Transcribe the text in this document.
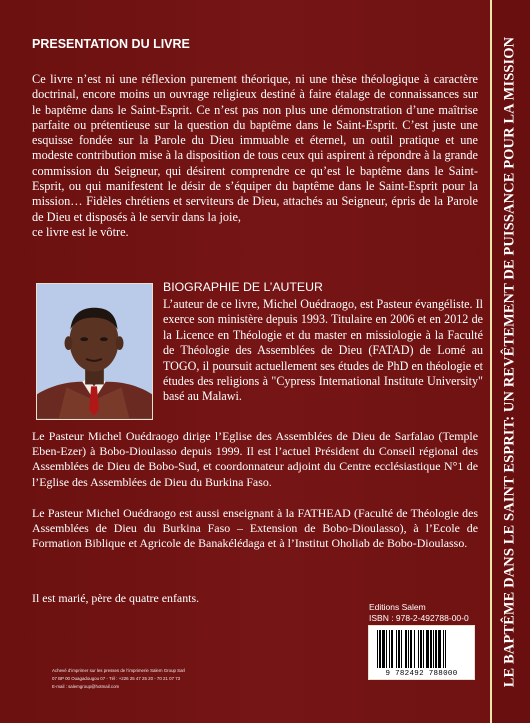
LE BAPTÊME DANS LE SAINT ESPRIT: UN REVÊTEMENT DE PUISSANCE POUR LA MISSION
PRESENTATION DU LIVRE

Ce livre n’est ni une réflexion purement théorique, ni une thèse théologique à caractère doctrinal, encore moins un ouvrage religieux destiné à faire étalage de connaissances sur le baptême dans le Saint-Esprit. Ce n’est pas non plus une démonstration d’une maîtrise parfaite ou prétentieuse sur la question du baptême dans le Saint-Esprit. C’est juste une esquisse fondée sur la Parole du Dieu immuable et éternel, un outil pratique et une modeste contribution mise à la disposition de tous ceux qui aspirent à répondre à la grande commission du Seigneur, qui désirent comprendre ce qu’est le baptême dans le Saint-Esprit, ou qui manifestent le désir de s’équiper du baptême dans le Saint-Esprit pour la mission… Fidèles chrétiens et serviteurs de Dieu, attachés au Seigneur, épris de la Parole de Dieu et disposés à le servir dans la joie,

ce livre est le vôtre.

BIOGRAPHIE DE L’AUTEUR
L’auteur de ce livre, Michel Ouédraogo, est Pasteur évangéliste. Il exerce son ministère depuis 1993. Titulaire en 2006 et en 2012 de la Licence en Théologie et du master en missiologie à la Faculté de Théologie des Assemblées de Dieu (FATAD) de Lomé au TOGO, il poursuit actuellement ses études de PhD en théologie et études des religions à "Cypress International Institute University" basé au Malawi.
Le Pasteur Michel Ouédraogo dirige l’Eglise des Assemblées de Dieu de Sarfalao (Temple Eben-Ezer) à Bobo-Dioulasso depuis 1999. Il est l’actuel Président du Conseil régional des Assemblées de Dieu de Bobo-Sud, et coordonnateur adjoint du Centre ecclésiastique N°1 de l’Eglise des Assemblées de Dieu du Burkina Faso.
Le Pasteur Michel Ouédraogo est aussi enseignant à la FATHEAD (Faculté de Théologie des Assemblées de Dieu du Burkina Faso – Extension de Bobo-Dioulasso), à l’Ecole de Formation Biblique et Agricole de Banakélédaga et à l’Institut Oholiab de Bobo-Dioulasso.
Il est marié, père de quatre enfants.
Editions Salem
ISBN : 978-2-492788-00-0
9 782492 788000
Achevé d’imprimer sur les presses de l’imprimerie Salem Group Sarl
07 BP 00 Ouagadougou 07 - Tél : +226 25 47 25 20 - 70 21 07 73
E-mail : salemgroup@hotmail.com
